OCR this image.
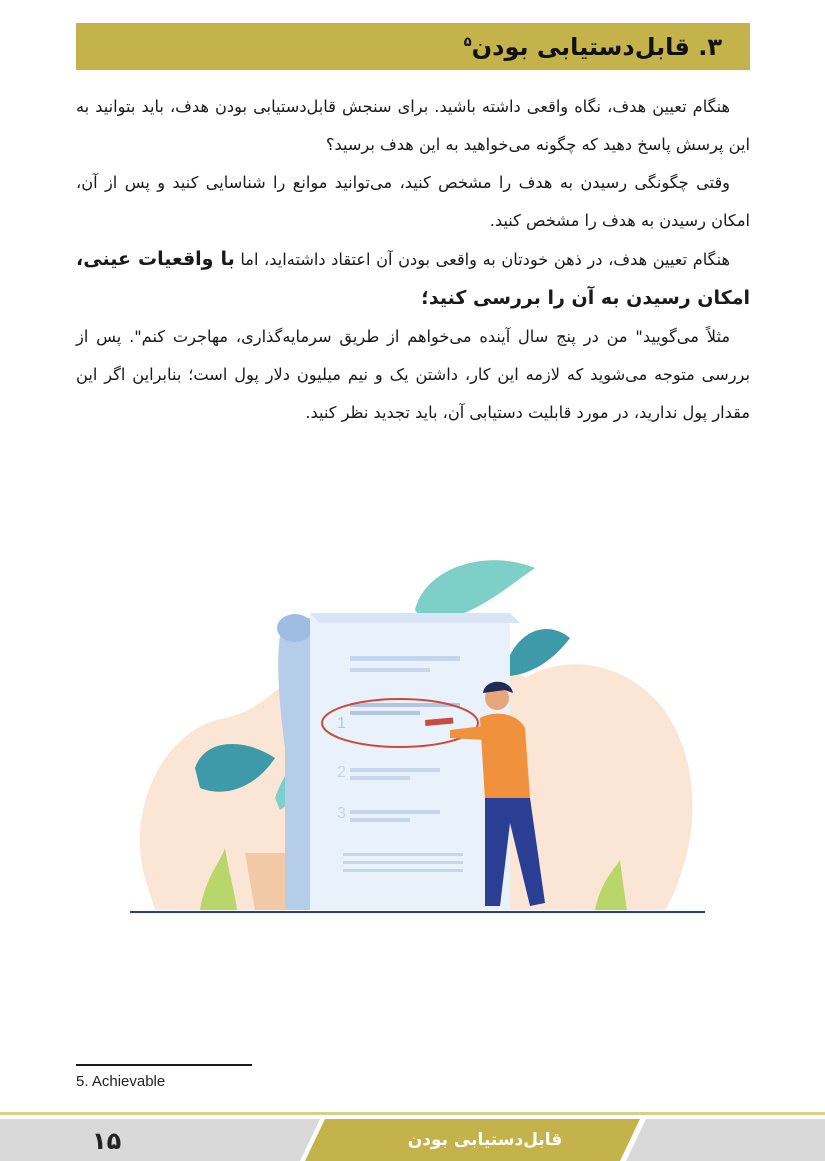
۳. قابل‌دستیابی بودن$^۵$

هنگام تعیین هدف، نگاه واقعی داشته باشید. برای سنجش قابل‌دستیابی بودن هدف، باید بتوانید به این پرسش پاسخ دهید که چگونه می‌خواهید به این هدف برسید؟

وقتی چگونگی رسیدن به هدف را مشخص کنید، می‌توانید موانع را شناسایی کنید و پس از آن، امکان رسیدن به هدف را مشخص کنید.

هنگام تعیین هدف، در ذهن خودتان به واقعی بودن آن اعتقاد داشته‌اید، اما با واقعیات عینی، امکان رسیدن به آن را بررسی کنید؛

مثلاً می‌گویید" من در پنج سال آینده می‌خواهم از طریق سرمایه‌گذاری، مهاجرت کنم". پس از بررسی متوجه می‌شوید که لازمه این کار، داشتن یک و نیم میلیون دلار پول است؛ بنابراین اگر این مقدار پول ندارید، در مورد قابلیت دستیابی آن، باید تجدید نظر کنید.

1
2
3
5. Achievable
۱۵	قابل‌دستیابی بودن
